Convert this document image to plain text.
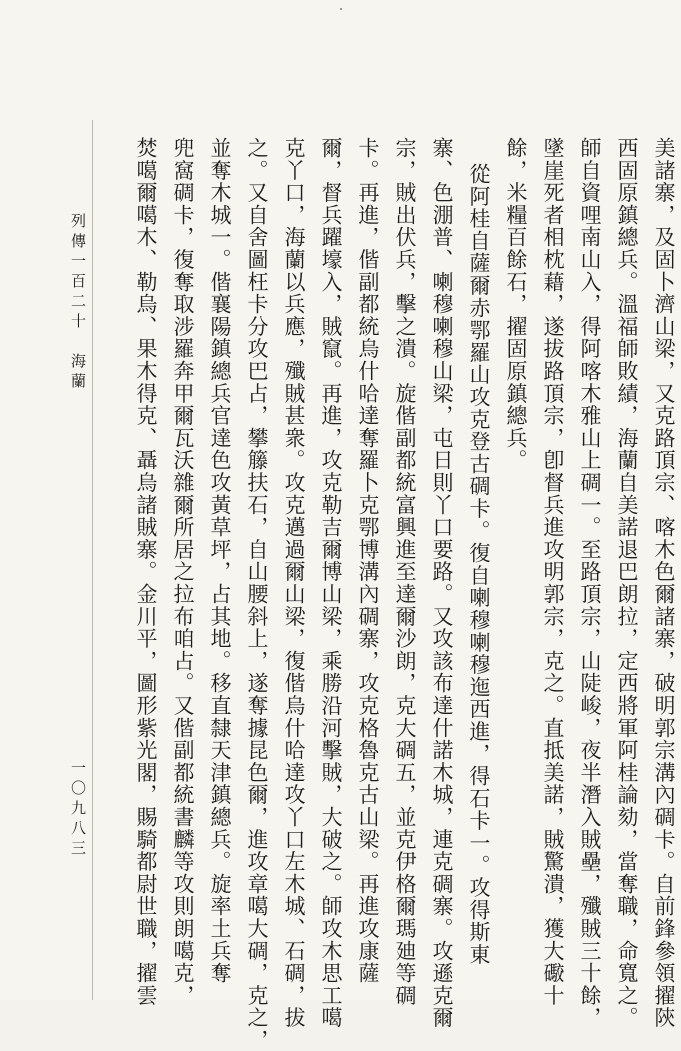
美諸寨，及固卜濟山梁，又克路頂宗、喀木色爾諸寨，破明郭宗溝內碉卡。自前鋒參領擢陝
西固原鎮總兵。溫福師敗績，海蘭自美諾退巴朗拉，定西將軍阿桂論劾，當奪職，命寬之。
師自資哩南山入，得阿喀木雅山上碉一。至路頂宗，山陡峻，夜半潛入賊壘，殲賊三十餘，
墜崖死者相枕藉，遂拔路頂宗，卽督兵進攻明郭宗，克之。直抵美諾，賊驚潰，獲大礮十
餘，米糧百餘石，擢固原鎮總兵。
從阿桂自薩爾赤鄂羅山攻克登古碉卡。復自喇穆喇穆迤西進，得石卡一。攻得斯東
寨、色淜普、喇穆喇穆山梁，屯日則丫口要路。又攻該布達什諾木城，連克碉寨。攻遜克爾
宗，賊出伏兵，擊之潰。旋偕副都統富興進至達爾沙朗，克大碉五，並克伊格爾瑪廸等碉
卡。再進，偕副都統烏什哈達奪羅卜克鄂博溝內碉寨，攻克格魯克古山梁。再進攻康薩
爾，督兵躍壕入，賊竄。再進，攻克勒吉爾博山梁，乘勝沿河擊賊，大破之。師攻木思工噶
克丫口，海蘭以兵應，殲賊甚衆。攻克邁過爾山梁，復偕烏什哈達攻丫口左木城、石碉，拔
之。又自舍圖枉卡分攻巴占，攀籐扶石，自山腰斜上，遂奪據昆色爾，進攻章噶大碉，克之，
並奪木城一。偕襄陽鎮總兵官達色攻黃草坪，占其地。移直隸天津鎮總兵。旋率土兵奪
兜窩碉卡，復奪取涉羅奔甲爾瓦沃雜爾所居之拉布咱占。又偕副都統書麟等攻則朗噶克，
焚噶爾噶木、勒烏、果木得克、聶烏諸賊寨。金川平，圖形紫光閣，賜騎都尉世職，擢雲
列傳一百二十　海蘭
一〇九八三
